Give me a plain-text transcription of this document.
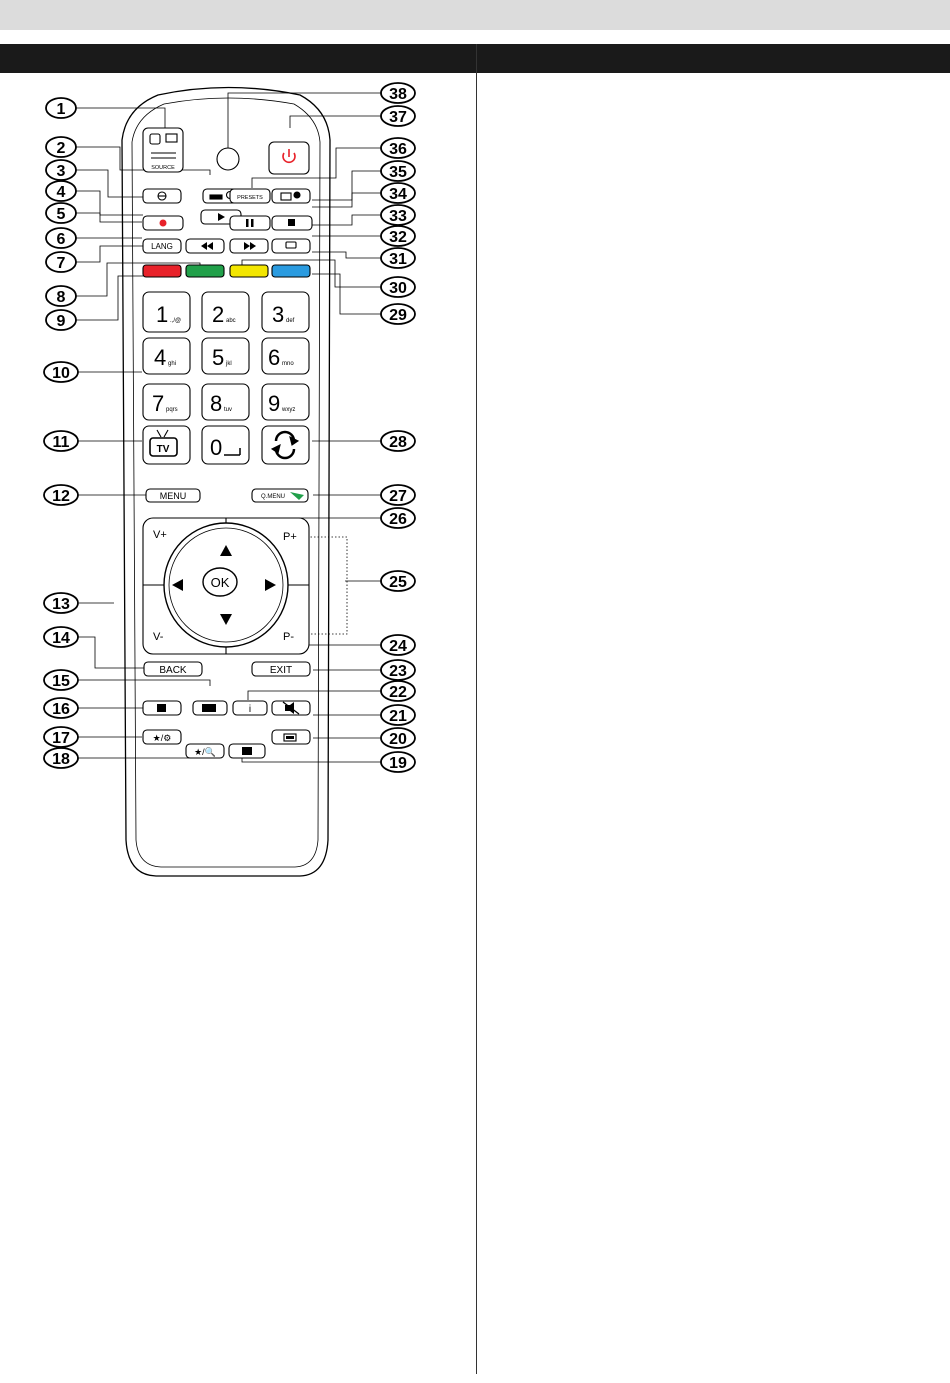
1
2
3
4
5
6
7
8
9
10
11
12
13
14
15
16
17
18	19
20
21
22
23
24
25
26
27
28
29
30
31
32
33
34
35
36
37
38
SOURCE
PRESETS
LANG
1 .,/@ 2 abc 3 def
4 ghi 5 jkl 6 mno
7 pqrs 8 tuv 9 wxyz
TV 0
MENU	Q.MENU
OK
V+
V-
P+
P-
BACK	EXIT
i
★/⚙
★/🔍
